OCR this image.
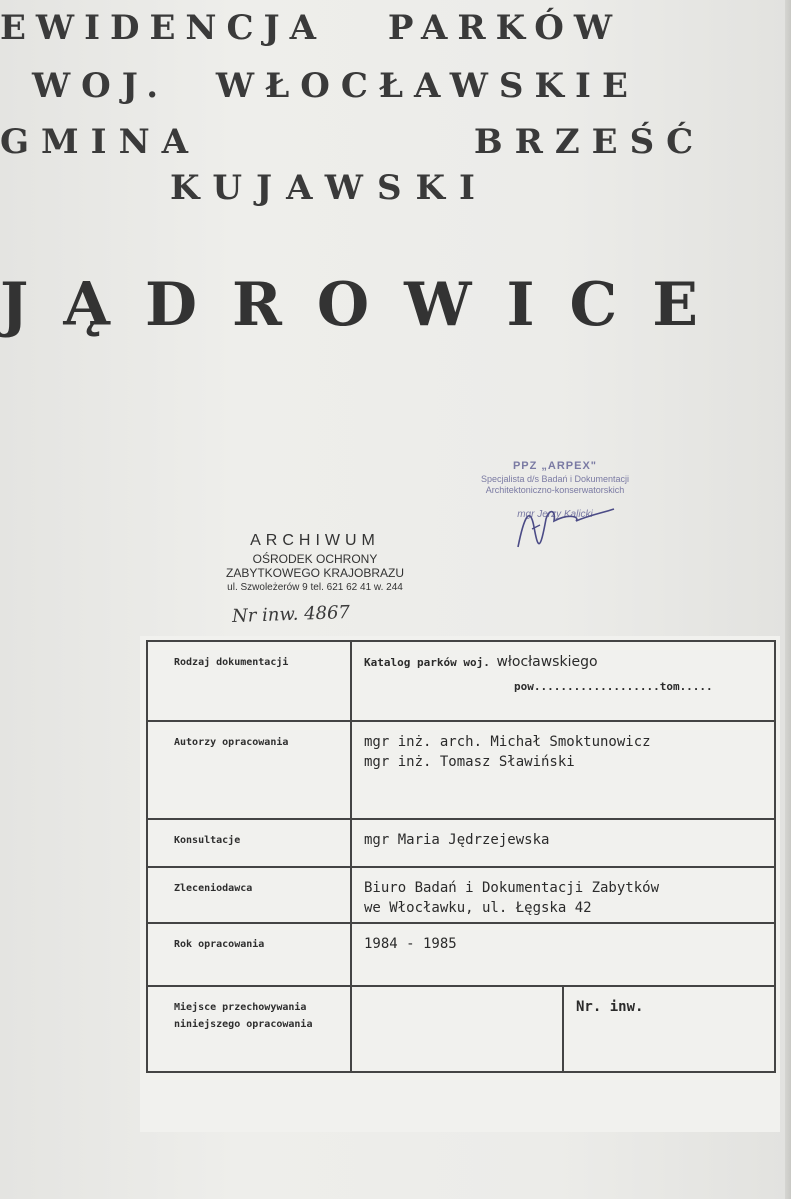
EWIDENCJA PARKÓW
WOJ. WŁOCŁAWSKIE
GMINA BRZEŚĆ
KUJAWSKI
JĄDROWICE
PPZ „ARPEX"
Specjalista d/s Badań i Dokumentacji
Architektoniczno-konserwatorskich
mgr Jerzy Kalicki
ARCHIWUM
OŚRODEK OCHRONY
ZABYTKOWEGO KRAJOBRAZU
ul. Szwoleżerów 9 tel. 621 62 41 w. 244
Nr inw. 4867
Rodzaj dokumentacji	Katalog parków woj. włocławskiego
pow...................tom.....	

Autorzy opracowania	mgr inż. arch. Michał Smoktunowicz
mgr inż. Tomasz Sławiński	

Konsultacje	mgr Maria Jędrzejewska	

Zleceniodawca	Biuro Badań i Dokumentacji Zabytków
we Włocławku, ul. Łęgska 42	

Rok opracowania	1984 - 1985	
Miejsce przechowywania niniejszego opracowania		Nr. inw.
